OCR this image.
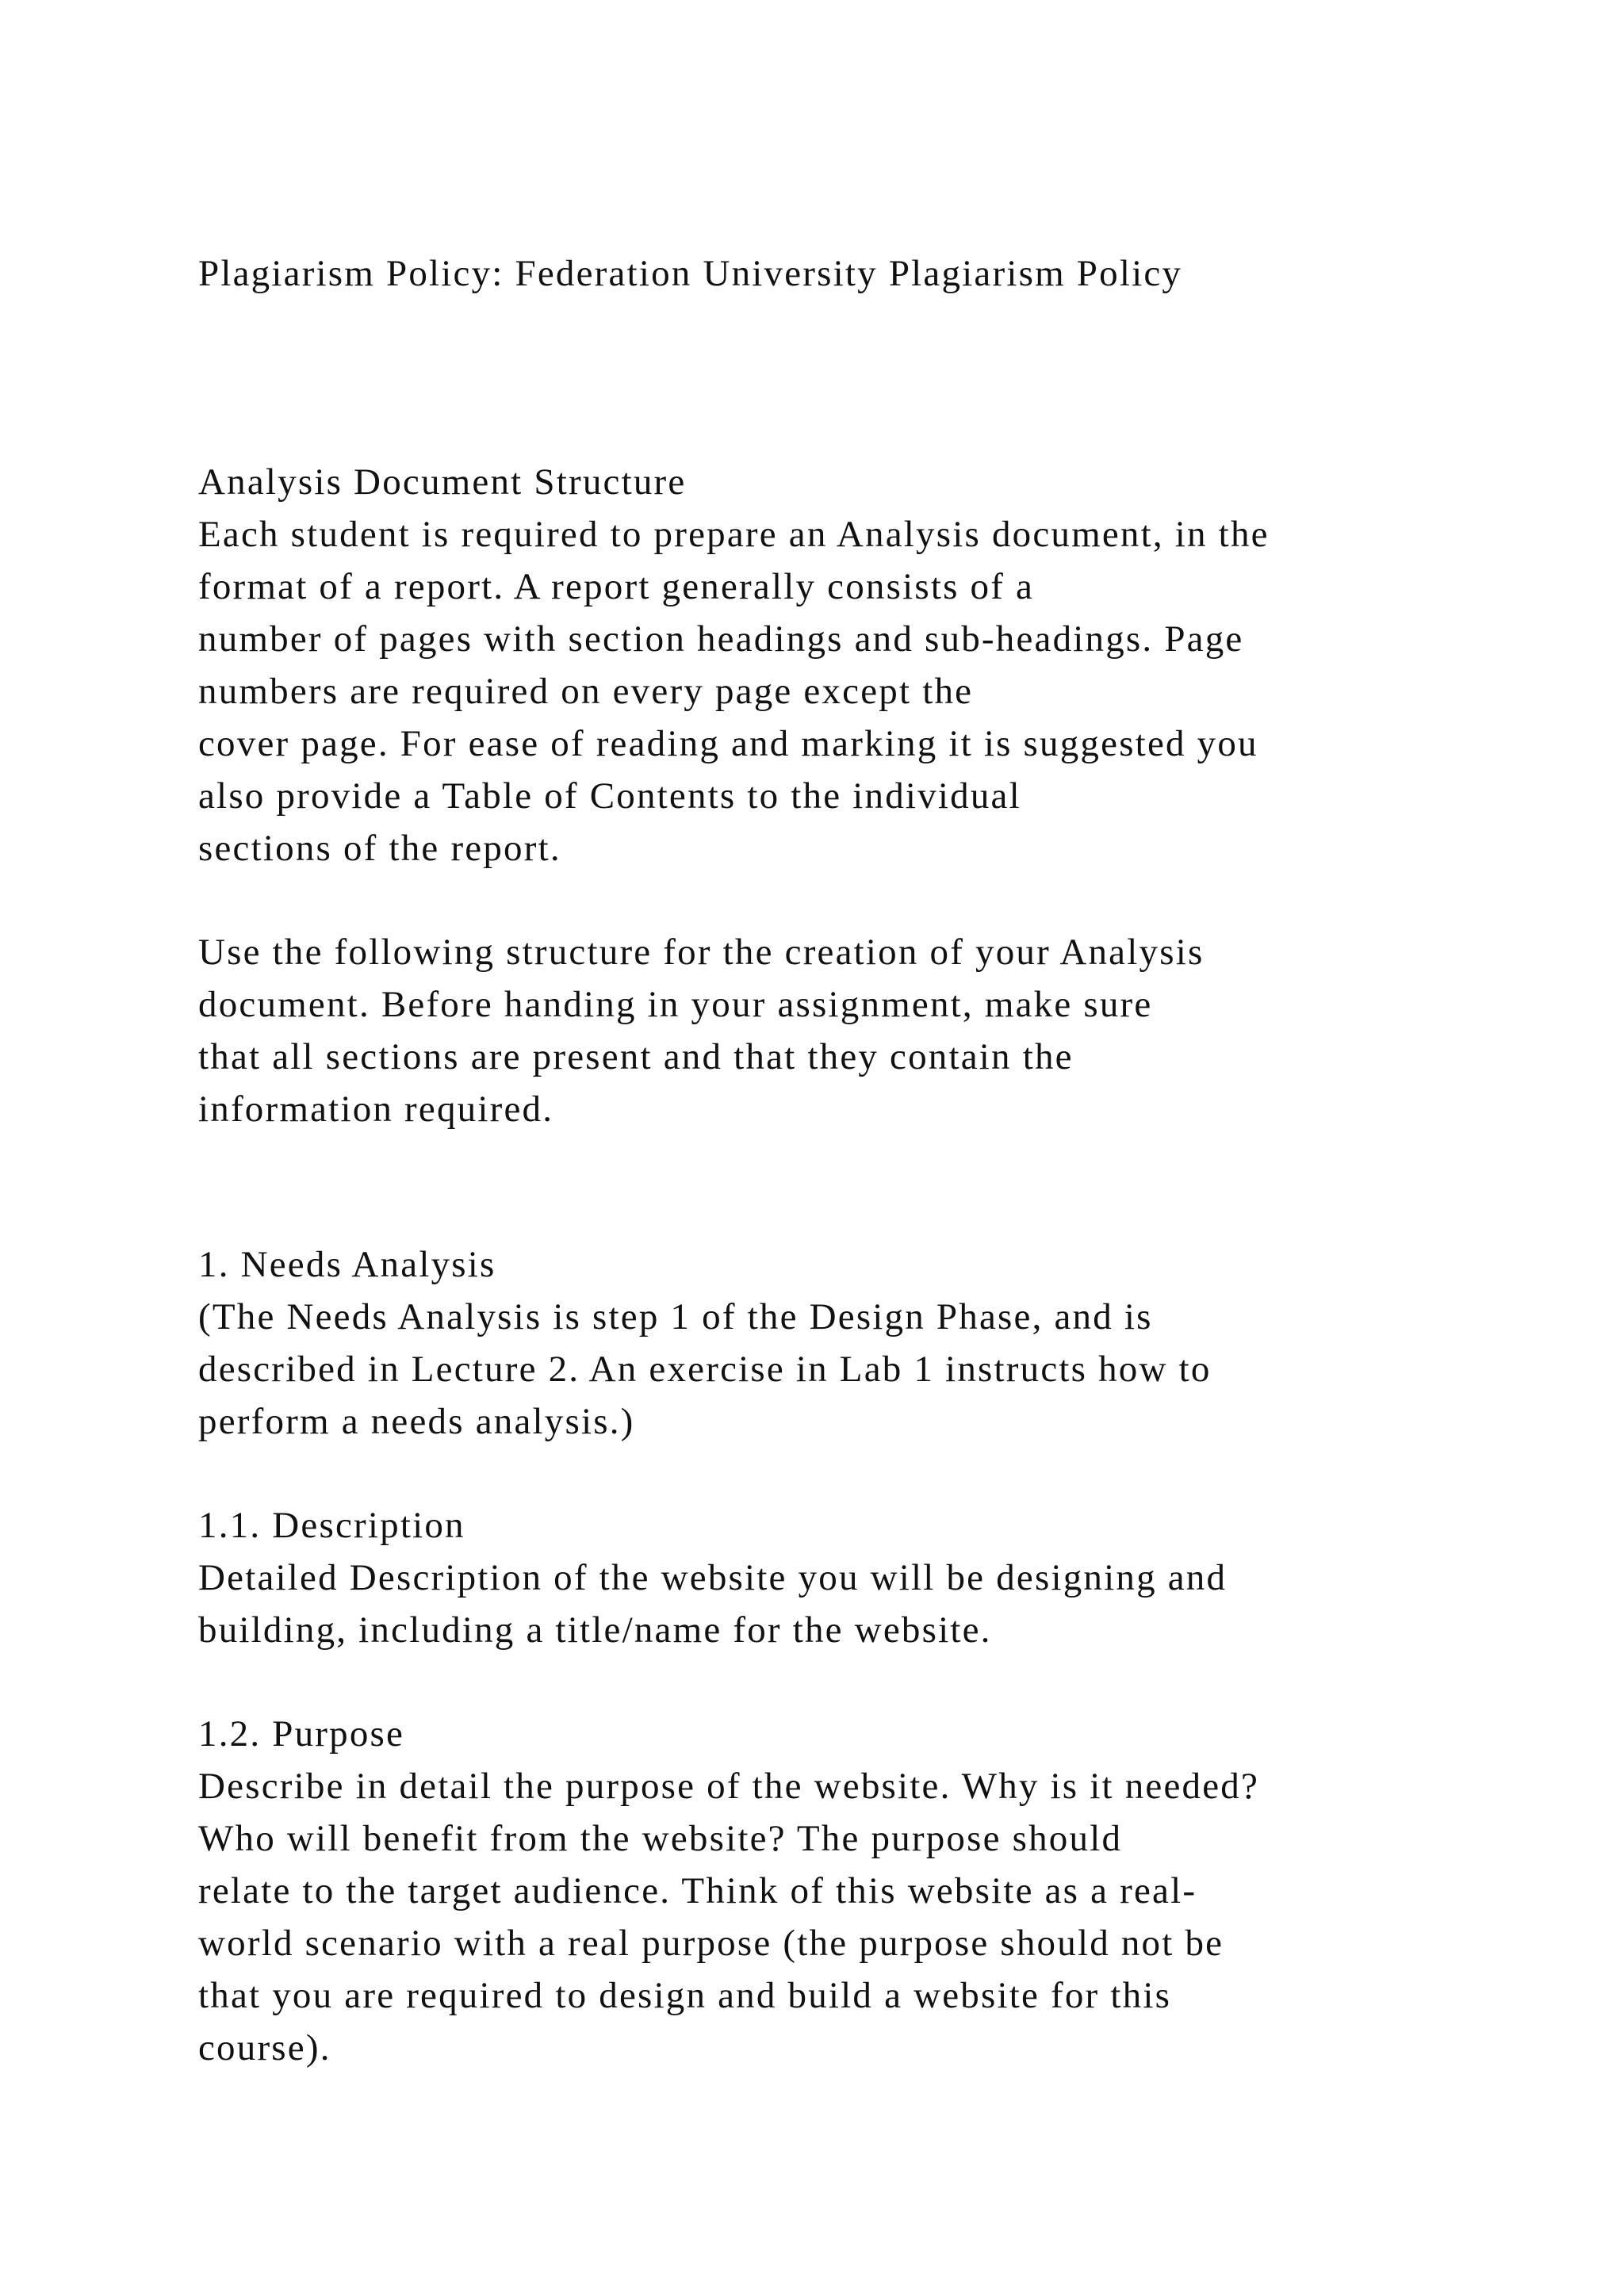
Plagiarism Policy: Federation University Plagiarism Policy

Analysis Document Structure

Each student is required to prepare an Analysis document, in the

format of a report. A report generally consists of a

number of pages with section headings and sub-headings. Page

numbers are required on every page except the

cover page. For ease of reading and marking it is suggested you

also provide a Table of Contents to the individual

sections of the report.

Use the following structure for the creation of your Analysis

document. Before handing in your assignment, make sure

that all sections are present and that they contain the

information required.

1. Needs Analysis

(The Needs Analysis is step 1 of the Design Phase, and is

described in Lecture 2. An exercise in Lab 1 instructs how to

perform a needs analysis.)

1.1. Description

Detailed Description of the website you will be designing and

building, including a title/name for the website.

1.2. Purpose

Describe in detail the purpose of the website. Why is it needed?

Who will benefit from the website? The purpose should

relate to the target audience. Think of this website as a real-

world scenario with a real purpose (the purpose should not be

that you are required to design and build a website for this

course).
